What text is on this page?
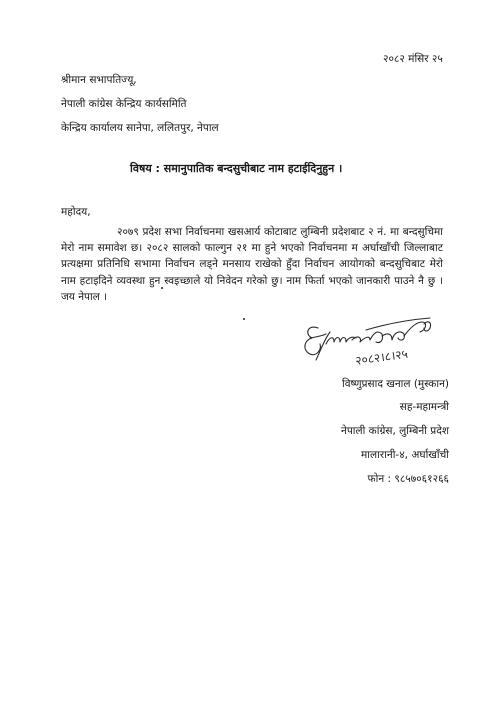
२०८२ मंसिर २५
श्रीमान सभापतिज्यू,
नेपाली कांग्रेस केन्द्रिय कार्यसमिति
केन्द्रिय कार्यालय सानेपा, ललितपुर, नेपाल
विषय : समानुपातिक बन्दसुचीबाट नाम हटाईदिनुहुन ।
महोदय,
२०७९ प्रदेश सभा निर्वाचनमा खसआर्य कोटाबाट लुम्बिनी प्रदेशबाट २ नं. मा बन्दसुचिमा मेरो नाम समावेश छ। २०८२ सालको फाल्गुन २१ मा हुने भएको निर्वाचनमा म अर्घाखाँची जिल्लाबाट प्रत्यक्षमा प्रतिनिधि सभामा निर्वाचन लड्ने मनसाय राखेको हुँदा निर्वाचन आयोगको बन्दसुचिबाट मेरो नाम हटाइदिने व्यवस्था हुन स्वइच्छाले यो निवेदन गरेको छु। नाम फिर्ता भएको जानकारी पाउने नै छु । जय नेपाल ।
२०८२।८।२५
विष्णुप्रसाद खनाल (मुस्कान)
सह-महामन्त्री
नेपाली कांग्रेस, लुम्बिनी प्रदेश
मालारानी-४, अर्घाखाँची
फोन : ९८५७०६१२६६
